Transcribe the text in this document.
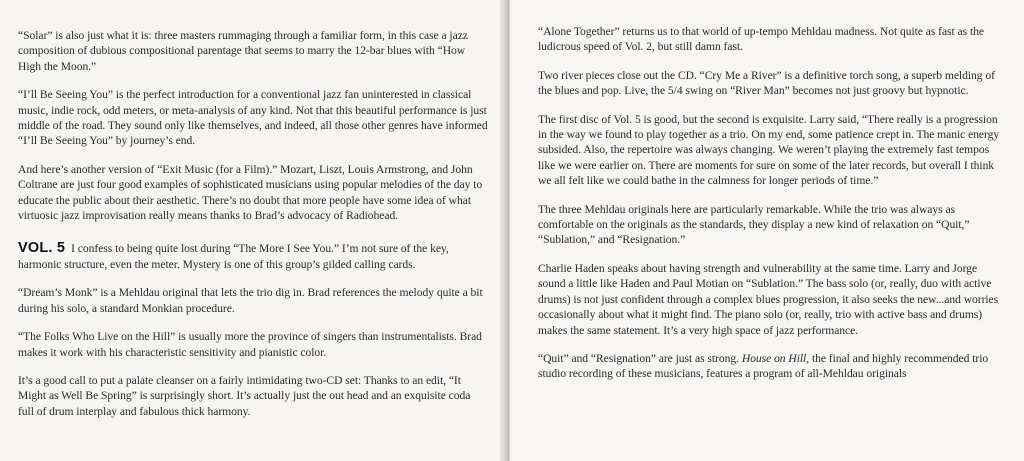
“Solar” is also just what it is: three masters rummaging through a familiar form, in this case a jazz composition of dubious compositional parentage that seems to marry the 12-bar blues with “How High the Moon.”

“I’ll Be Seeing You” is the perfect introduction for a conventional jazz fan uninterested in classical music, indie rock, odd meters, or meta-analysis of any kind. Not that this beautiful performance is just middle of the road. They sound only like themselves, and indeed, all those other genres have informed “I’ll Be Seeing You” by journey’s end.

And here’s another version of “Exit Music (for a Film).” Mozart, Liszt, Louis Armstrong, and John Coltrane are just four good examples of sophisticated musicians using popular melodies of the day to educate the public about their aesthetic. There’s no doubt that more people have some idea of what virtuosic jazz improvisation really means thanks to Brad’s advocacy of Radiohead.

VOL. 5 I confess to being quite lost during “The More I See You.” I’m not sure of the key, harmonic structure, even the meter. Mystery is one of this group’s gilded calling cards.

“Dream’s Monk” is a Mehldau original that lets the trio dig in. Brad references the melody quite a bit during his solo, a standard Monkian procedure.

“The Folks Who Live on the Hill” is usually more the province of singers than instrumentalists. Brad makes it work with his characteristic sensitivity and pianistic color.

It’s a good call to put a palate cleanser on a fairly intimidating two-CD set: Thanks to an edit, “It Might as Well Be Spring” is surprisingly short. It’s actually just the out head and an exquisite coda full of drum interplay and fabulous thick harmony.

“Alone Together” returns us to that world of up-tempo Mehldau madness. Not quite as fast as the ludicrous speed of Vol. 2, but still damn fast.

Two river pieces close out the CD. “Cry Me a River” is a definitive torch song, a superb melding of the blues and pop. Live, the 5/4 swing on “River Man” becomes not just groovy but hypnotic.

The first disc of Vol. 5 is good, but the second is exquisite. Larry said, “There really is a progression in the way we found to play together as a trio. On my end, some patience crept in. The manic energy subsided. Also, the repertoire was always changing. We weren’t playing the extremely fast tempos like we were earlier on. There are moments for sure on some of the later records, but overall I think we all felt like we could bathe in the calmness for longer periods of time.”

The three Mehldau originals here are particularly remarkable. While the trio was always as comfortable on the originals as the standards, they display a new kind of relaxation on “Quit,” “Sublation,” and “Resignation.”

Charlie Haden speaks about having strength and vulnerability at the same time. Larry and Jorge sound a little like Haden and Paul Motian on “Sublation.” The bass solo (or, really, duo with active drums) is not just confident through a complex blues progression, it also seeks the new...and worries occasionally about what it might find. The piano solo (or, really, trio with active bass and drums) makes the same statement. It’s a very high space of jazz performance.

“Quit” and “Resignation” are just as strong. House on Hill, the final and highly recommended trio studio recording of these musicians, features a program of all-Mehldau originals
